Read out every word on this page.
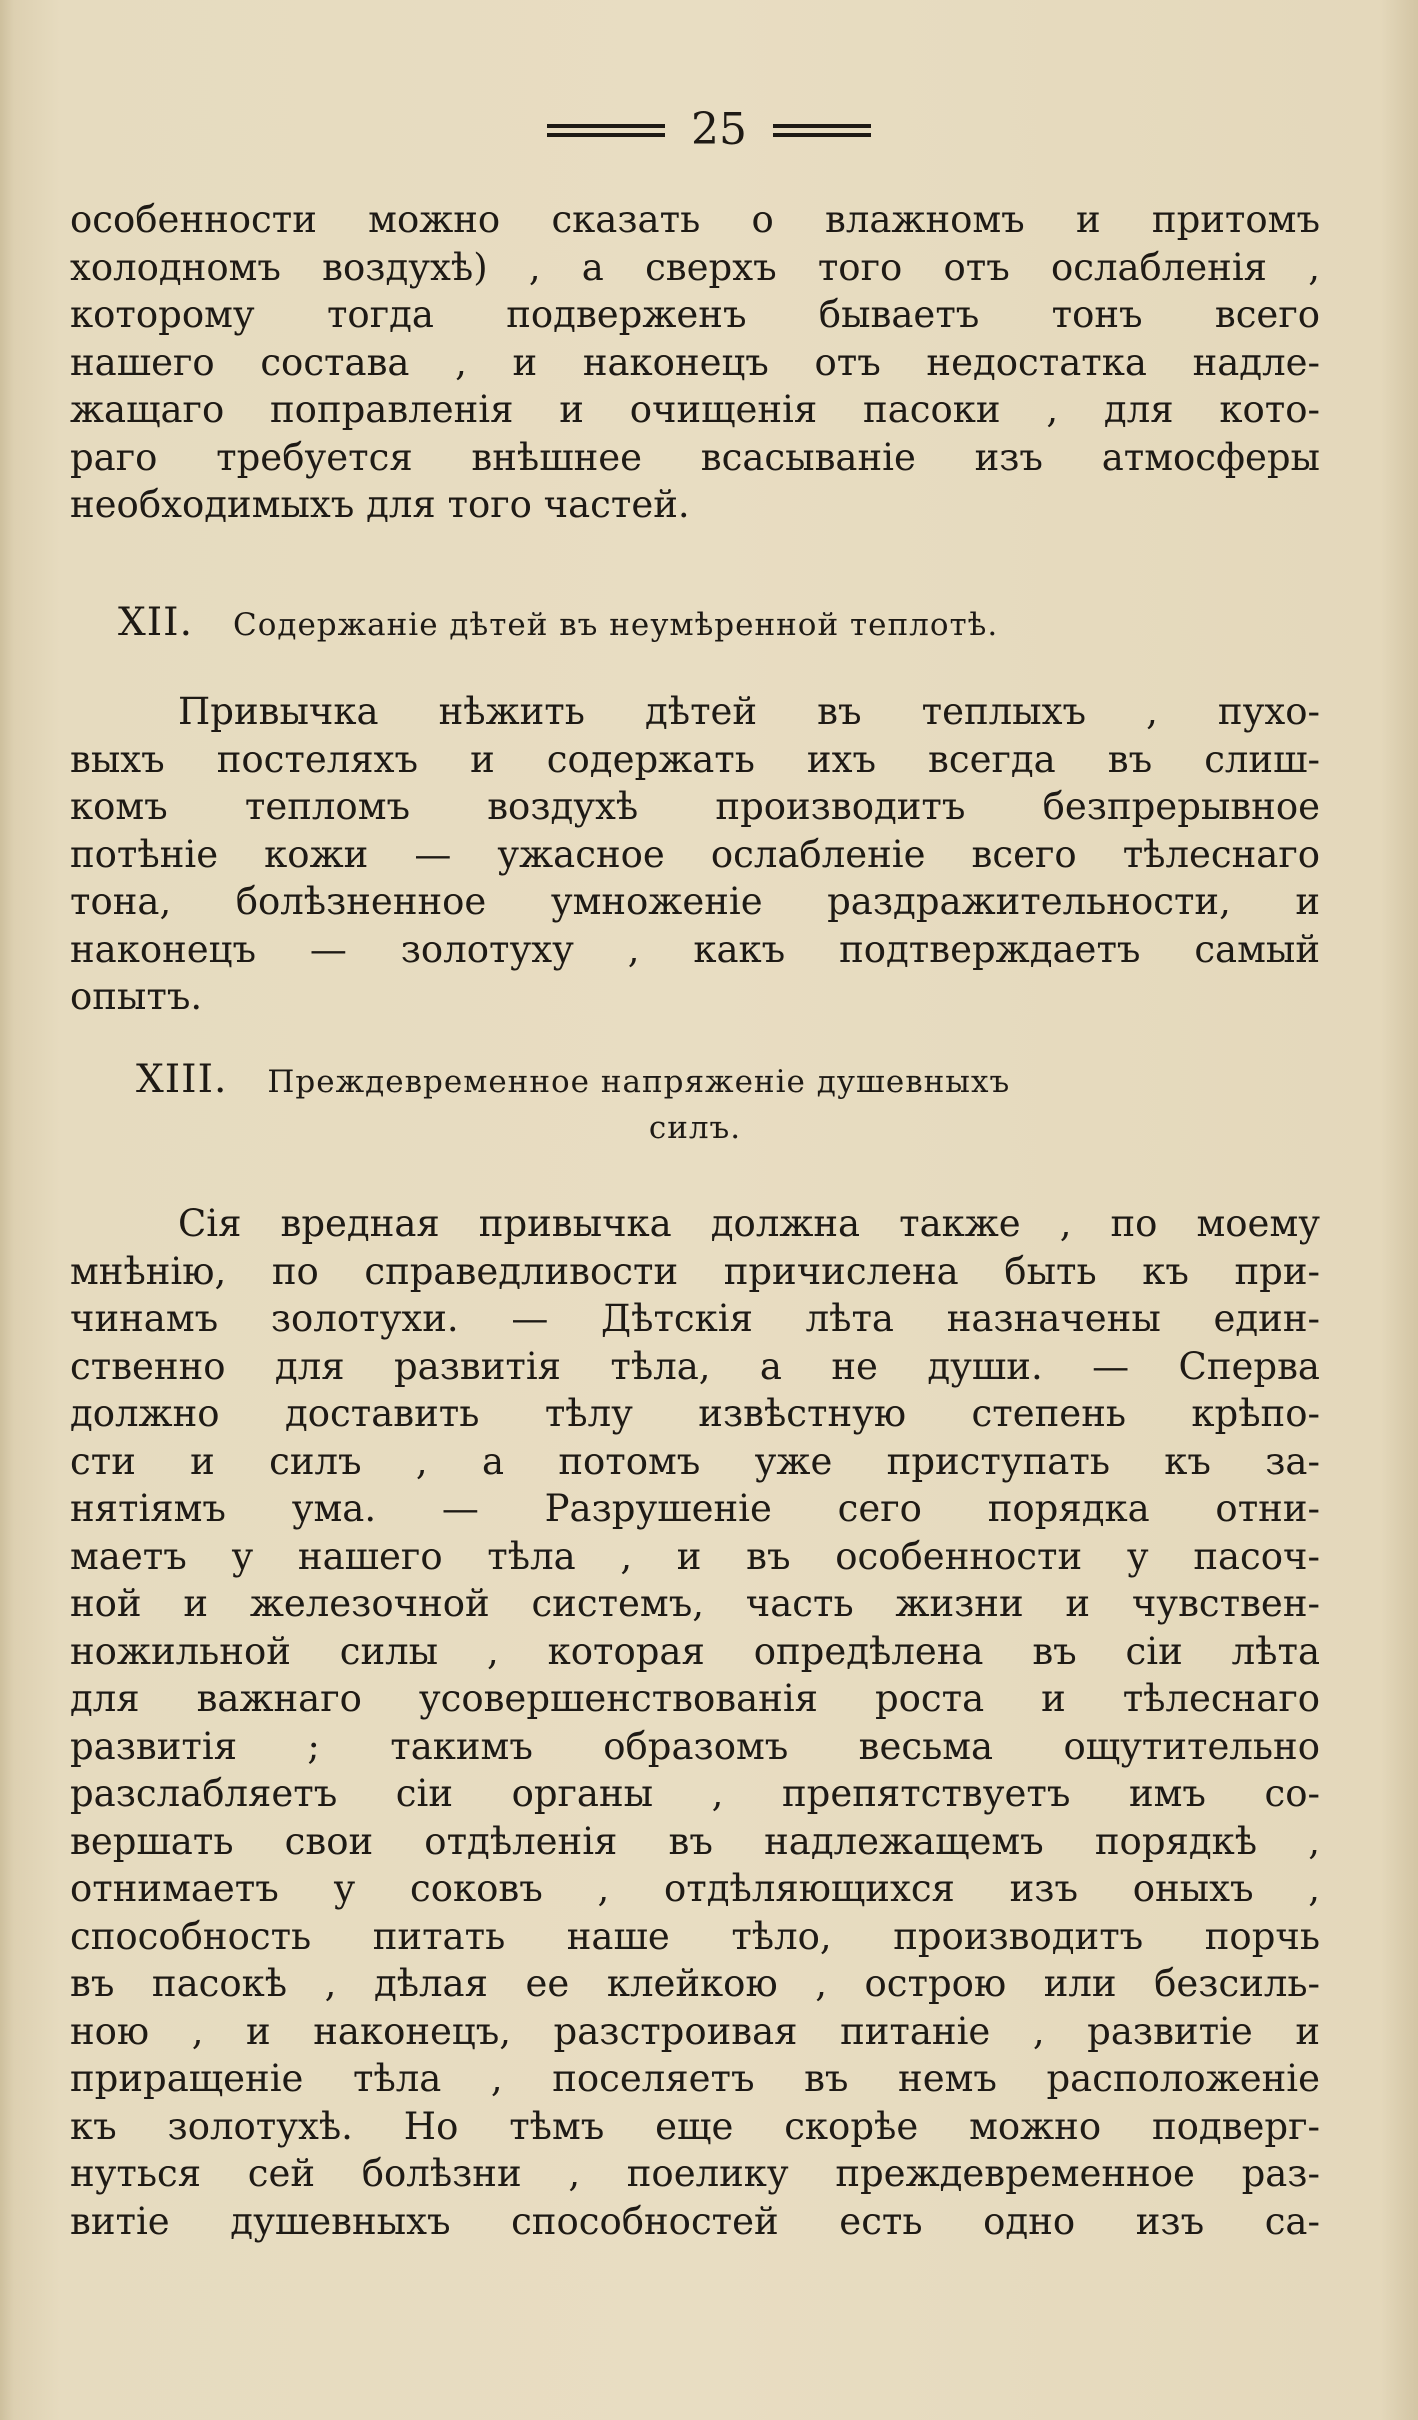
25
особенности можно сказать о влажномъ и притомъ
холодномъ воздухѣ) , а сверхъ того отъ ослабленія ,
которому тогда подверженъ бываетъ тонъ всего
нашего состава , и наконецъ отъ недостатка надле-
жащаго поправленія и очищенія пасоки , для кото-
раго требуется внѣшнее всасываніе изъ атмосферы
необходимыхъ для того частей.
XII. Содержаніе дѣтей въ неумѣренной теплотѣ.
Привычка нѣжить дѣтей въ теплыхъ , пухо-
выхъ постеляхъ и содержать ихъ всегда въ слиш-
комъ тепломъ воздухѣ производитъ безпрерывное
потѣніе кожи — ужасное ослабленіе всего тѣлеснаго
тона, болѣзненное умноженіе раздражительности, и
наконецъ — золотуху , какъ подтверждаетъ самый
опытъ.
XIII. Преждевременное напряженіе душевныхъ
силъ.
Сія вредная привычка должна также , по моему
мнѣнію, по справедливости причислена быть къ при-
чинамъ золотухи. — Дѣтскія лѣта назначены един-
ственно для развитія тѣла, а не души. — Сперва
должно доставить тѣлу извѣстную степень крѣпо-
сти и силъ , а потомъ уже приступать къ за-
нятіямъ ума. — Разрушеніе сего порядка отни-
маетъ у нашего тѣла , и въ особенности у пасоч-
ной и железочной системъ, часть жизни и чувствен-
ножильной силы , которая опредѣлена въ сіи лѣта
для важнаго усовершенствованія роста и тѣлеснаго
развитія ; такимъ образомъ весьма ощутительно
разслабляетъ сіи органы , препятствуетъ имъ со-
вершать свои отдѣленія въ надлежащемъ порядкѣ ,
отнимаетъ у соковъ , отдѣляющихся изъ оныхъ ,
способность питать наше тѣло, производитъ порчь
въ пасокѣ , дѣлая ее клейкою , острою или безсиль-
ною , и наконецъ, разстроивая питаніе , развитіе и
приращеніе тѣла , поселяетъ въ немъ расположеніе
къ золотухѣ. Но тѣмъ еще скорѣе можно подверг-
нуться сей болѣзни , поелику преждевременное раз-
витіе душевныхъ способностей есть одно изъ са-
